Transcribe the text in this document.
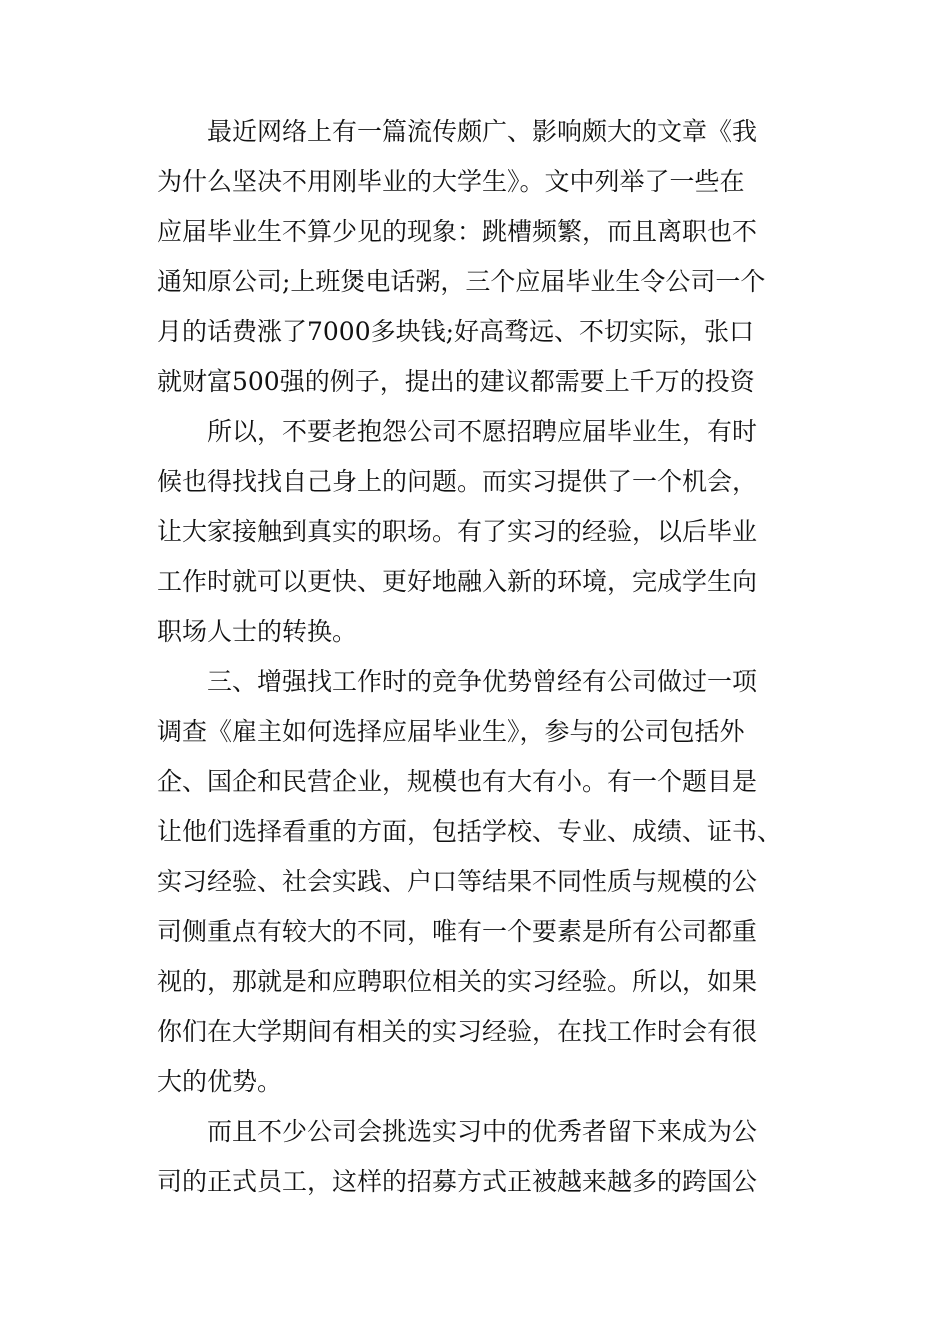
最近网络上有一篇流传颇广、影响颇大的文章《我
为什么坚决不用刚毕业的大学生》。文中列举了一些在
应届毕业生不算少见的现象：跳槽频繁，而且离职也不
通知原公司;上班煲电话粥，三个应届毕业生令公司一个
月的话费涨了7000多块钱;好高骛远、不切实际，张口
就财富500强的例子，提出的建议都需要上千万的投资
所以，不要老抱怨公司不愿招聘应届毕业生，有时
候也得找找自己身上的问题。而实习提供了一个机会，
让大家接触到真实的职场。有了实习的经验，以后毕业
工作时就可以更快、更好地融入新的环境，完成学生向
职场人士的转换。
三、增强找工作时的竞争优势曾经有公司做过一项
调查《雇主如何选择应届毕业生》，参与的公司包括外
企、国企和民营企业，规模也有大有小。有一个题目是
让他们选择看重的方面，包括学校、专业、成绩、证书、
实习经验、社会实践、户口等结果不同性质与规模的公
司侧重点有较大的不同，唯有一个要素是所有公司都重
视的，那就是和应聘职位相关的实习经验。所以，如果
你们在大学期间有相关的实习经验，在找工作时会有很
大的优势。
而且不少公司会挑选实习中的优秀者留下来成为公
司的正式员工，这样的招募方式正被越来越多的跨国公
